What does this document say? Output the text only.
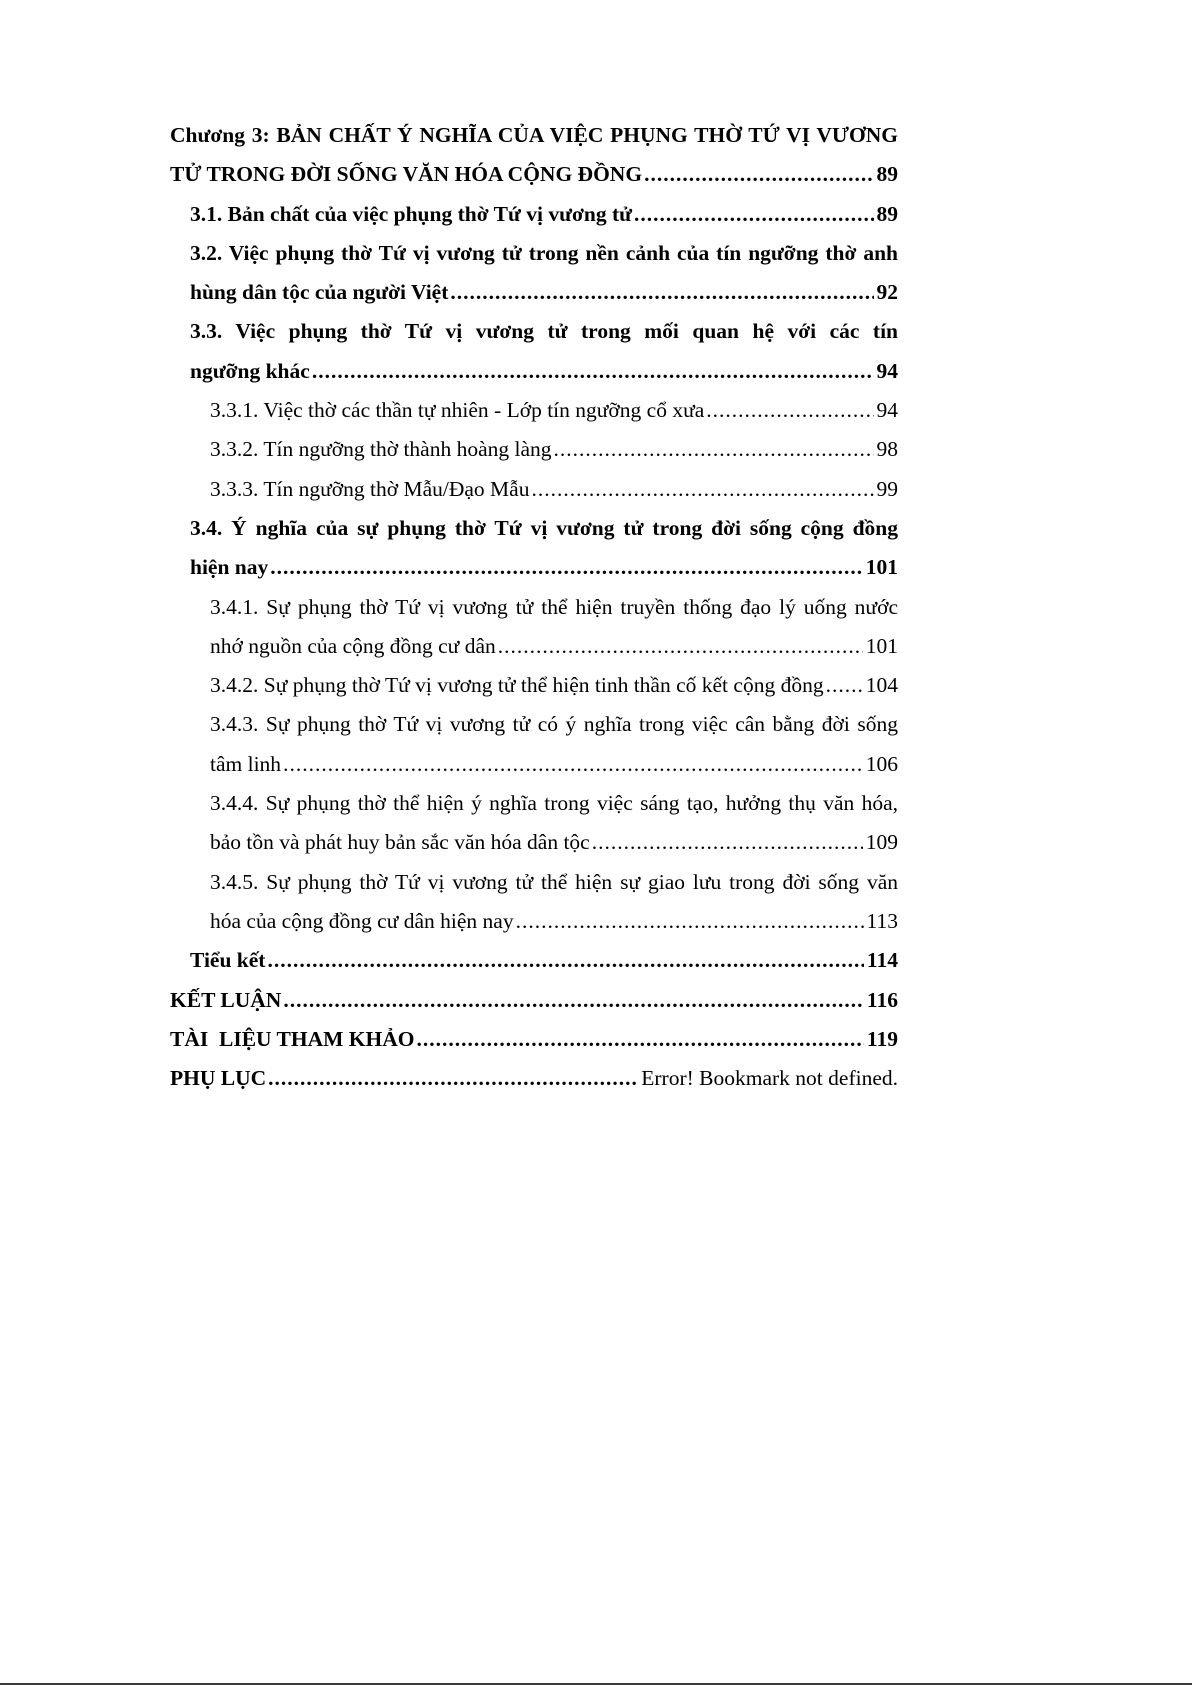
Chương 3: BẢN CHẤT Ý NGHĨA CỦA VIỆC PHỤNG THỜ TỨ VỊ VƯƠNG
TỬ TRONG ĐỜI SỐNG VĂN HÓA CỘNG ĐỒNG .....	89
3.1. Bản chất của việc phụng thờ Tứ vị vương tử .....	89
3.2. Việc phụng thờ Tứ vị vương tử trong nền cảnh của tín ngưỡng thờ anh
hùng dân tộc của người Việt .....	92
3.3. Việc phụng thờ Tứ vị vương tử trong mối quan hệ với các tín
ngưỡng khác .....	94
3.3.1. Việc thờ các thần tự nhiên - Lớp tín ngưỡng cổ xưa .....	94
3.3.2. Tín ngưỡng thờ thành hoàng làng .....	98
3.3.3. Tín ngưỡng thờ Mẫu/Đạo Mẫu .....	99
3.4. Ý nghĩa của sự phụng thờ Tứ vị vương tử trong đời sống cộng đồng
hiện nay .....	101
3.4.1. Sự phụng thờ Tứ vị vương tử thể hiện truyền thống đạo lý uống nước
nhớ nguồn của cộng đồng cư dân .....	101
3.4.2. Sự phụng thờ Tứ vị vương tử thể hiện tinh thần cố kết cộng đồng ..... 104
3.4.3. Sự phụng thờ Tứ vị vương tử có ý nghĩa trong việc cân bằng đời sống
tâm linh .....	106
3.4.4. Sự phụng thờ thể hiện ý nghĩa trong việc sáng tạo, hưởng thụ văn hóa,
bảo tồn và phát huy bản sắc văn hóa dân tộc .....	109
3.4.5. Sự phụng thờ Tứ vị vương tử thể hiện sự giao lưu trong đời sống văn
hóa của cộng đồng cư dân hiện nay .....	113
Tiểu kết .....	114
KẾT LUẬN .....	116
TÀI  LIỆU THAM KHẢO .....	119
PHỤ LỤC .....	Error! Bookmark not defined.
